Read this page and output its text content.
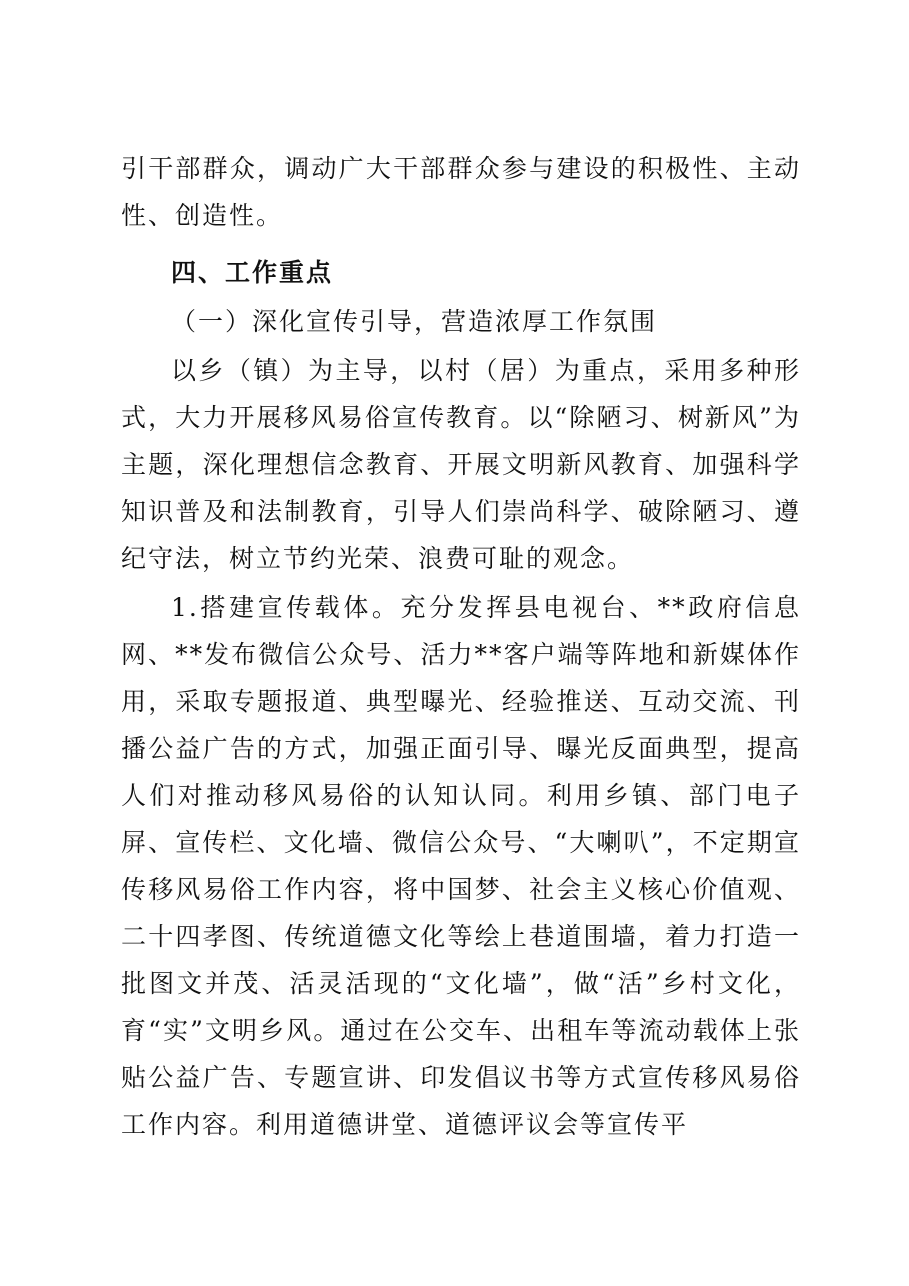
引干部群众，调动广大干部群众参与建设的积极性、主动性、创造性。

四、工作重点

（一）深化宣传引导，营造浓厚工作氛围

以乡（镇）为主导，以村（居）为重点，采用多种形式，大力开展移风易俗宣传教育。以“除陋习、树新风”为主题，深化理想信念教育、开展文明新风教育、加强科学知识普及和法制教育，引导人们崇尚科学、破除陋习、遵纪守法，树立节约光荣、浪费可耻的观念。

1.搭建宣传载体。充分发挥县电视台、**政府信息网、**发布微信公众号、活力**客户端等阵地和新媒体作用，采取专题报道、典型曝光、经验推送、互动交流、刊播公益广告的方式，加强正面引导、曝光反面典型，提高人们对推动移风易俗的认知认同。利用乡镇、部门电子屏、宣传栏、文化墙、微信公众号、“大喇叭”，不定期宣传移风易俗工作内容，将中国梦、社会主义核心价值观、二十四孝图、传统道德文化等绘上巷道围墙，着力打造一批图文并茂、活灵活现的“文化墙”，做“活”乡村文化，育“实”文明乡风。通过在公交车、出租车等流动载体上张贴公益广告、专题宣讲、印发倡议书等方式宣传移风易俗工作内容。利用道德讲堂、道德评议会等宣传平
